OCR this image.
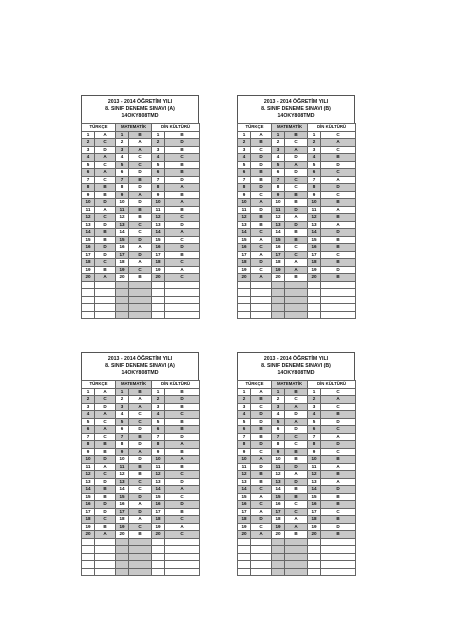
2013 - 2014 ÖĞRETİM YILI
8. SINIF DENEME SINAVI (A)
14OKY808TMD
TÜRKÇE		MATEMATİK		DİN KÜLTÜRÜ	
1	A	1	B	1	B
2	C	2	A	2	D
3	D	3	A	3	B
4	A	4	C	4	C
5	C	5	C	5	B
6	A	6	D	6	B
7	C	7	B	7	D
8	B	8	D	8	A
9	B	9	A	9	B
10	D	10	D	10	A
11	A	11	B	11	B
12	C	12	B	12	C
13	D	13	C	13	D
14	B	14	C	14	A
15	B	15	D	15	C
16	D	16	A	16	D
17	D	17	D	17	B
18	C	18	A	18	C
19	B	19	C	19	A
20	A	20	B	20	C

2013 - 2014 ÖĞRETİM YILI
8. SINIF DENEME SINAVI (B)
14OKY808TMD
TÜRKÇE		MATEMATİK		DİN KÜLTÜRÜ	
1	A	1	B	1	C
2	B	2	C	2	A
3	C	3	A	3	C
4	D	4	D	4	B
5	D	5	A	5	D
6	B	6	D	6	C
7	B	7	C	7	A
8	D	8	C	8	D
9	C	9	B	9	C
10	A	10	B	10	B
11	D	11	D	11	A
12	B	12	A	12	B
13	B	13	D	13	A
14	C	14	B	14	D
15	A	15	B	15	B
16	C	16	C	16	B
17	A	17	C	17	C
18	D	18	A	18	B
19	C	19	A	19	D
20	A	20	B	20	B

2013 - 2014 ÖĞRETİM YILI
8. SINIF DENEME SINAVI (A)
14OKY808TMD
TÜRKÇE		MATEMATİK		DİN KÜLTÜRÜ	
1	A	1	B	1	B
2	C	2	A	2	D
3	D	3	A	3	B
4	A	4	C	4	C
5	C	5	C	5	B
6	A	6	D	6	B
7	C	7	B	7	D
8	B	8	D	8	A
9	B	9	A	9	B
10	D	10	D	10	A
11	A	11	B	11	B
12	C	12	B	12	C
13	D	13	C	13	D
14	B	14	C	14	A
15	B	15	D	15	C
16	D	16	A	16	D
17	D	17	D	17	B
18	C	18	A	18	C
19	B	19	C	19	A
20	A	20	B	20	C

2013 - 2014 ÖĞRETİM YILI
8. SINIF DENEME SINAVI (B)
14OKY808TMD
TÜRKÇE		MATEMATİK		DİN KÜLTÜRÜ	
1	A	1	B	1	C
2	B	2	C	2	A
3	C	3	A	3	C
4	D	4	D	4	B
5	D	5	A	5	D
6	B	6	D	6	C
7	B	7	C	7	A
8	D	8	C	8	D
9	C	9	B	9	C
10	A	10	B	10	B
11	D	11	D	11	A
12	B	12	A	12	B
13	B	13	D	13	A
14	C	14	B	14	D
15	A	15	B	15	B
16	C	16	C	16	B
17	A	17	C	17	C
18	D	18	A	18	B
19	C	19	A	19	D
20	A	20	B	20	B
